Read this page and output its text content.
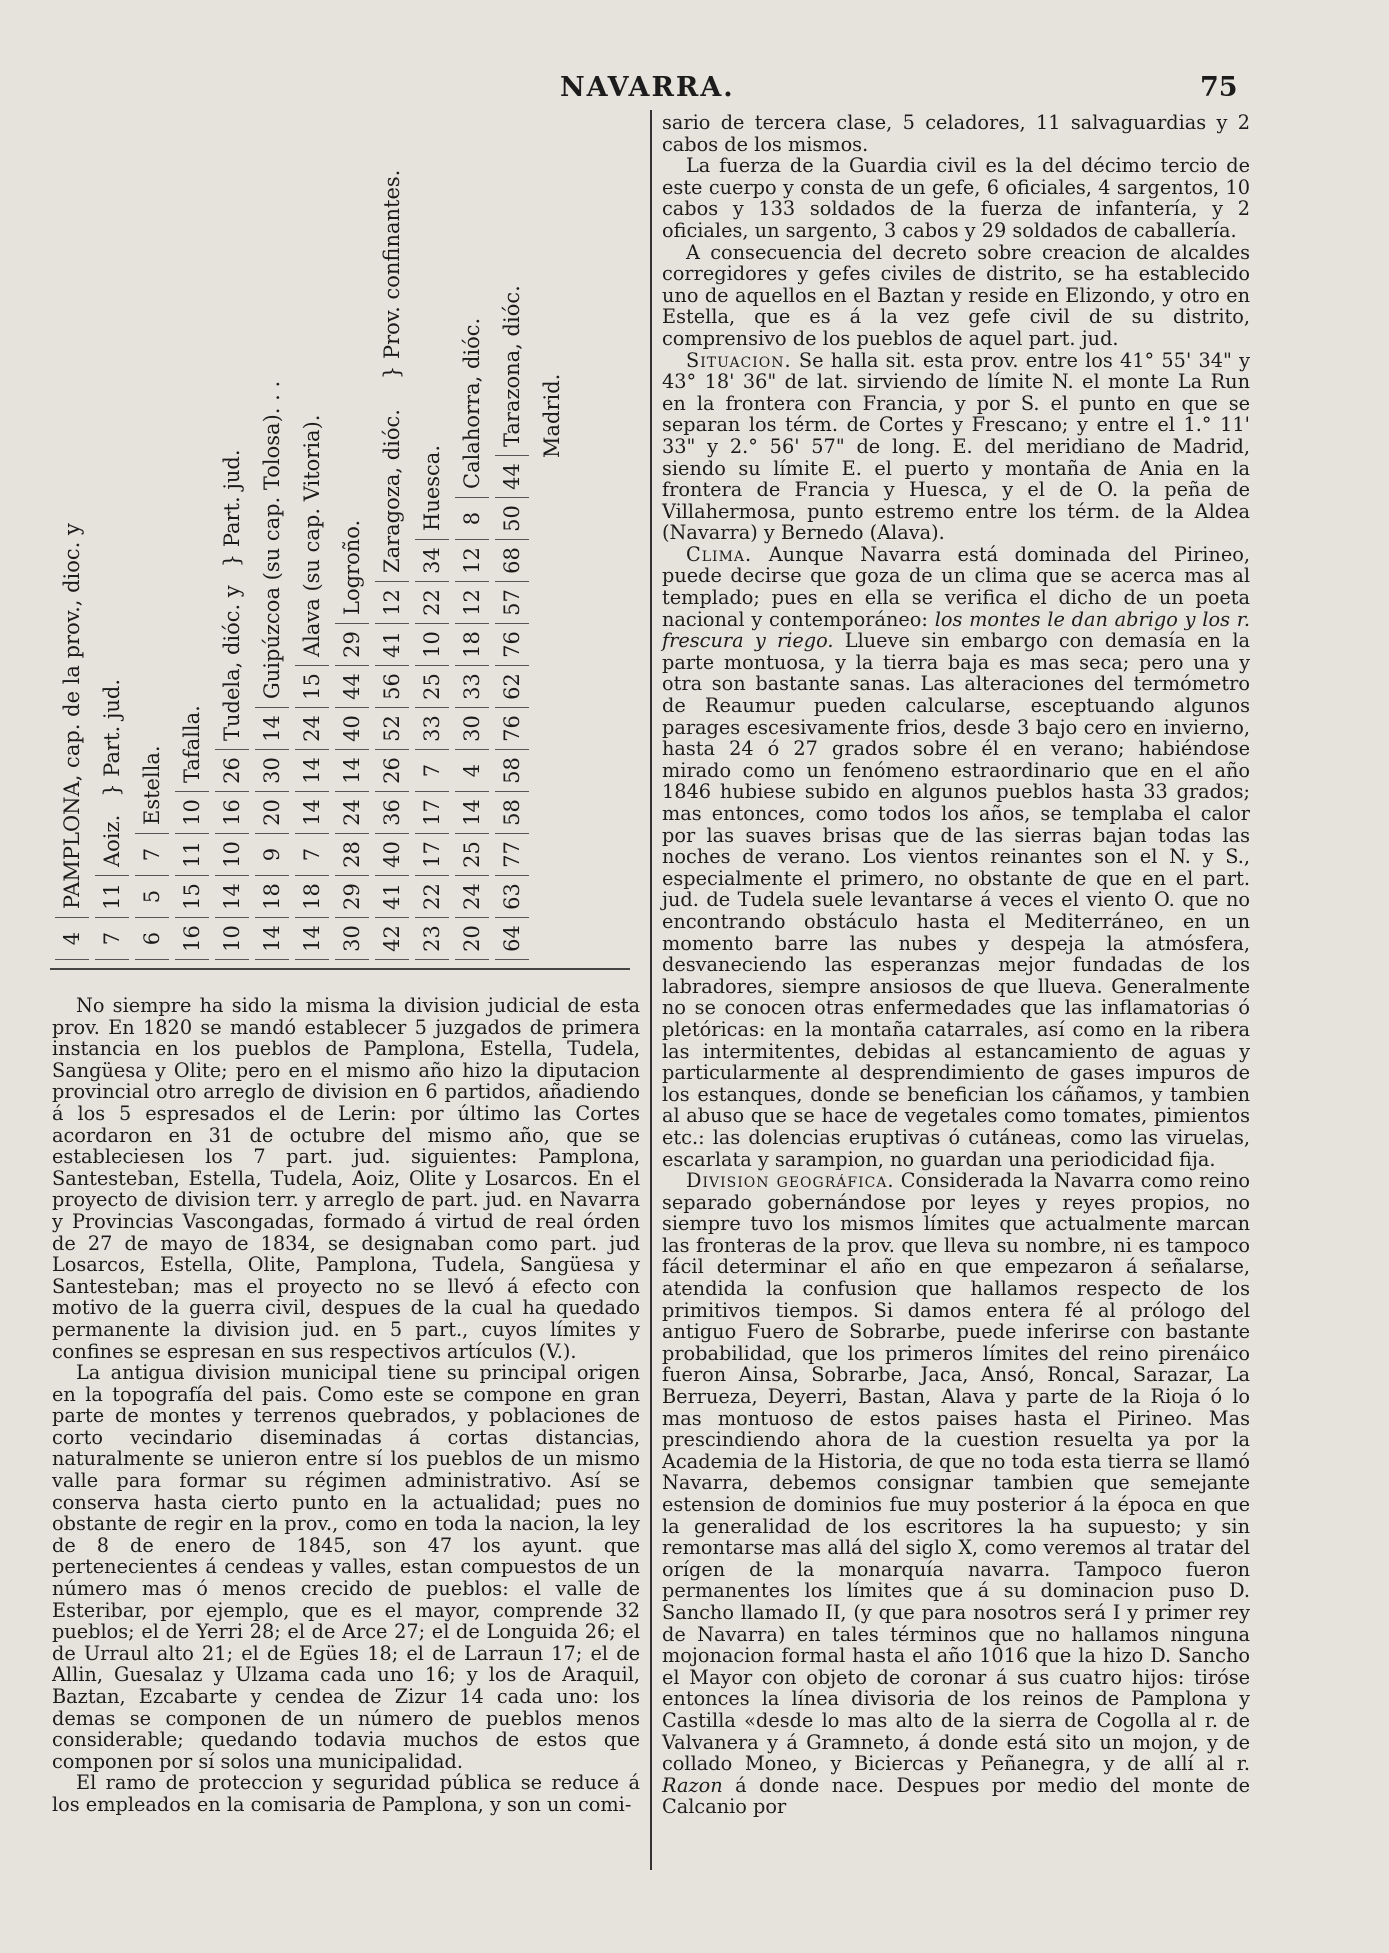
NAVARRA.	75
4
PAMPLONA, cap. de la prov., dioc. y
7
11
Aoiz.
} Part. jud.
6
5
7
Estella.
16
15
11
10
Tafalla.
10
14
10
16
26
Tudela, dióc. y
} Part. jud.
14
18
9
20
30
14
Guipúzcoa (su cap. Tolosa). . .
14
18
7
14
14
24
15
Alava (su cap. Vitoria).
30
29
28
24
14
40
44
29
Logroño.
42
41
40
36
26
52
56
41
12
Zaragoza, dióc.
} Prov. confinantes.
23
22
17
17
7
33
25
10
22
34
Huesca.
20
24
25
14
4
30
33
18
12
12
8
Calahorra, dióc.
64
63
77
58
58
76
62
76
57
68
50
44
Tarazona, dióc. Madrid.

No siempre ha sido la misma la division judicial de esta prov. En 1820 se mandó establecer 5 juzgados de primera instancia en los pueblos de Pamplona, Estella, Tudela, Sangüesa y Olite; pero en el mismo año hizo la diputacion provincial otro arreglo de division en 6 partidos, añadiendo á los 5 espresados el de Lerin: por último las Cortes acordaron en 31 de octubre del mismo año, que se estableciesen los 7 part. jud. siguientes: Pamplona, Santesteban, Estella, Tudela, Aoiz, Olite y Losarcos. En el proyecto de division terr. y arreglo de part. jud. en Navarra y Provincias Vascongadas, formado á virtud de real órden de 27 de mayo de 1834, se designaban como part. jud Losarcos, Estella, Olite, Pamplona, Tudela, Sangüesa y Santesteban; mas el proyecto no se llevó á efecto con motivo de la guerra civil, despues de la cual ha quedado permanente la division jud. en 5 part., cuyos límites y confines se espresan en sus respectivos artículos (V.).

La antigua division municipal tiene su principal origen en la topografía del pais. Como este se compone en gran parte de montes y terrenos quebrados, y poblaciones de corto vecindario diseminadas á cortas distancias, naturalmente se unieron entre sí los pueblos de un mismo valle para formar su régimen administrativo. Así se conserva hasta cierto punto en la actualidad; pues no obstante de regir en la prov., como en toda la nacion, la ley de 8 de enero de 1845, son 47 los ayunt. que pertenecientes á cendeas y valles, estan compuestos de un número mas ó menos crecido de pueblos: el valle de Esteribar, por ejemplo, que es el mayor, comprende 32 pueblos; el de Yerri 28; el de Arce 27; el de Longuida 26; el de Urraul alto 21; el de Egües 18; el de Larraun 17; el de Allin, Guesalaz y Ulzama cada uno 16; y los de Araquil, Baztan, Ezcabarte y cendea de Zizur 14 cada uno: los demas se componen de un número de pueblos menos considerable; quedando todavia muchos de estos que componen por sí solos una municipalidad.

El ramo de proteccion y seguridad pública se reduce á los empleados en la comisaria de Pamplona, y son un comi-

sario de tercera clase, 5 celadores, 11 salvaguardias y 2 cabos de los mismos.

La fuerza de la Guardia civil es la del décimo tercio de este cuerpo y consta de un gefe, 6 oficiales, 4 sargentos, 10 cabos y 133 soldados de la fuerza de infantería, y 2 oficiales, un sargento, 3 cabos y 29 soldados de caballería.

A consecuencia del decreto sobre creacion de alcaldes corregidores y gefes civiles de distrito, se ha establecido uno de aquellos en el Baztan y reside en Elizondo, y otro en Estella, que es á la vez gefe civil de su distrito, comprensivo de los pueblos de aquel part. jud.

Situacion. Se halla sit. esta prov. entre los 41° 55' 34" y 43° 18' 36" de lat. sirviendo de límite N. el monte La Run en la frontera con Francia, y por S. el punto en que se separan los térm. de Cortes y Frescano; y entre el 1.° 11' 33" y 2.° 56' 57" de long. E. del meridiano de Madrid, siendo su límite E. el puerto y montaña de Ania en la frontera de Francia y Huesca, y el de O. la peña de Villahermosa, punto estremo entre los térm. de la Aldea (Navarra) y Bernedo (Alava).

Clima. Aunque Navarra está dominada del Pirineo, puede decirse que goza de un clima que se acerca mas al templado; pues en ella se verifica el dicho de un poeta nacional y contemporáneo: los montes le dan abrigo y los r. frescura y riego. Llueve sin embargo con demasía en la parte montuosa, y la tierra baja es mas seca; pero una y otra son bastante sanas. Las alteraciones del termómetro de Reaumur pueden calcularse, esceptuando algunos parages escesivamente frios, desde 3 bajo cero en invierno, hasta 24 ó 27 grados sobre él en verano; habiéndose mirado como un fenómeno estraordinario que en el año 1846 hubiese subido en algunos pueblos hasta 33 grados; mas entonces, como todos los años, se templaba el calor por las suaves brisas que de las sierras bajan todas las noches de verano. Los vientos reinantes son el N. y S., especialmente el primero, no obstante de que en el part. jud. de Tudela suele levantarse á veces el viento O. que no encontrando obstáculo hasta el Mediterráneo, en un momento barre las nubes y despeja la atmósfera, desvaneciendo las esperanzas mejor fundadas de los labradores, siempre ansiosos de que llueva. Generalmente no se conocen otras enfermedades que las inflamatorias ó pletóricas: en la montaña catarrales, así como en la ribera las intermitentes, debidas al estancamiento de aguas y particularmente al desprendimiento de gases impuros de los estanques, donde se benefician los cáñamos, y tambien al abuso que se hace de vegetales como tomates, pimientos etc.: las dolencias eruptivas ó cutáneas, como las viruelas, escarlata y sarampion, no guardan una periodicidad fija.

Division geográfica. Considerada la Navarra como reino separado gobernándose por leyes y reyes propios, no siempre tuvo los mismos límites que actualmente marcan las fronteras de la prov. que lleva su nombre, ni es tampoco fácil determinar el año en que empezaron á señalarse, atendida la confusion que hallamos respecto de los primitivos tiempos. Si damos entera fé al prólogo del antiguo Fuero de Sobrarbe, puede inferirse con bastante probabilidad, que los primeros límites del reino pirenáico fueron Ainsa, Sobrarbe, Jaca, Ansó, Roncal, Sarazar, La Berrueza, Deyerri, Bastan, Alava y parte de la Rioja ó lo mas montuoso de estos paises hasta el Pirineo. Mas prescindiendo ahora de la cuestion resuelta ya por la Academia de la Historia, de que no toda esta tierra se llamó Navarra, debemos consignar tambien que semejante estension de dominios fue muy posterior á la época en que la generalidad de los escritores la ha supuesto; y sin remontarse mas allá del siglo X, como veremos al tratar del orígen de la monarquía navarra. Tampoco fueron permanentes los límites que á su dominacion puso D. Sancho llamado II, (y que para nosotros será I y primer rey de Navarra) en tales términos que no hallamos ninguna mojonacion formal hasta el año 1016 que la hizo D. Sancho el Mayor con objeto de coronar á sus cuatro hijos: tiróse entonces la línea divisoria de los reinos de Pamplona y Castilla «desde lo mas alto de la sierra de Cogolla al r. de Valvanera y á Gramneto, á donde está sito un mojon, y de collado Moneo, y Biciercas y Peñanegra, y de allí al r. Razon á donde nace. Despues por medio del monte de Calcanio por
